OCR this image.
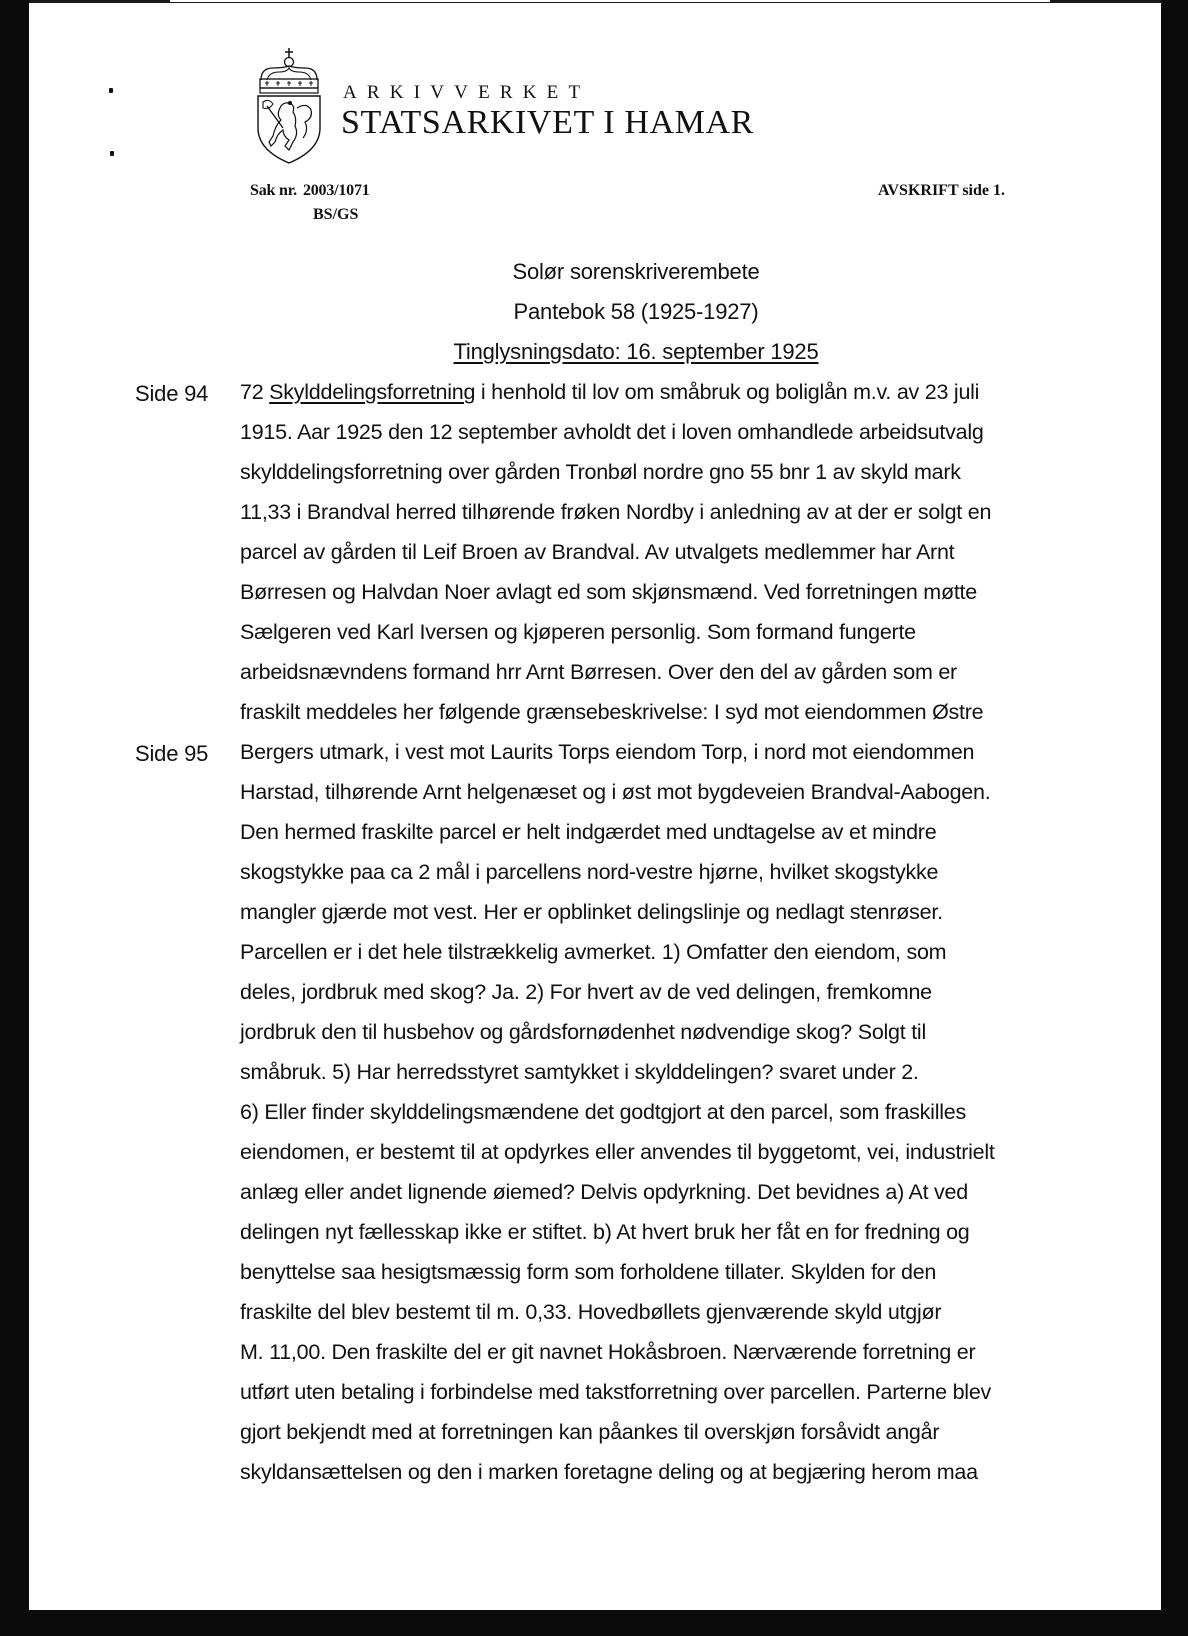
ARKIVVERKET
STATSARKIVET I HAMAR
Sak nr. 2003/1071
BS/GS
AVSKRIFT side 1.
Solør sorenskriverembete
Pantebok 58 (1925-1927)
Tinglysningsdato: 16. september 1925
Side 94
Side 95
72 Skylddelingsforretning i henhold til lov om småbruk og boliglån m.v. av 23 juli
1915. Aar 1925 den 12 september avholdt det i loven omhandlede arbeidsutvalg
skylddelingsforretning over gården Tronbøl nordre gno 55 bnr 1 av skyld mark
11,33 i Brandval herred tilhørende frøken Nordby i anledning av at der er solgt en
parcel av gården til Leif Broen av Brandval. Av utvalgets medlemmer har Arnt
Børresen og Halvdan Noer avlagt ed som skjønsmænd. Ved forretningen møtte
Sælgeren ved Karl Iversen og kjøperen personlig. Som formand fungerte
arbeidsnævndens formand hrr Arnt Børresen. Over den del av gården som er
fraskilt meddeles her følgende grænsebeskrivelse: I syd mot eiendommen Østre
Bergers utmark, i vest mot Laurits Torps eiendom Torp, i nord mot eiendommen
Harstad, tilhørende Arnt helgenæset og i øst mot bygdeveien Brandval-Aabogen.
Den hermed fraskilte parcel er helt indgærdet med undtagelse av et mindre
skogstykke paa ca 2 mål i parcellens nord-vestre hjørne, hvilket skogstykke
mangler gjærde mot vest. Her er opblinket delingslinje og nedlagt stenrøser.
Parcellen er i det hele tilstrækkelig avmerket. 1) Omfatter den eiendom, som
deles, jordbruk med skog? Ja. 2) For hvert av de ved delingen, fremkomne
jordbruk den til husbehov og gårdsfornødenhet nødvendige skog? Solgt til
småbruk. 5) Har herredsstyret samtykket i skylddelingen? svaret under 2.
6) Eller finder skylddelingsmændene det godtgjort at den parcel, som fraskilles
eiendomen, er bestemt til at opdyrkes eller anvendes til byggetomt, vei, industrielt
anlæg eller andet lignende øiemed? Delvis opdyrkning. Det bevidnes a) At ved
delingen nyt fællesskap ikke er stiftet. b) At hvert bruk her fåt en for fredning og
benyttelse saa hesigtsmæssig form som forholdene tillater. Skylden for den
fraskilte del blev bestemt til m. 0,33. Hovedbøllets gjenværende skyld utgjør
M. 11,00. Den fraskilte del er git navnet Hokåsbroen. Nærværende forretning er
utført uten betaling i forbindelse med takstforretning over parcellen. Parterne blev
gjort bekjendt med at forretningen kan påankes til overskjøn forsåvidt angår
skyldansættelsen og den i marken foretagne deling og at begjæring herom maa
